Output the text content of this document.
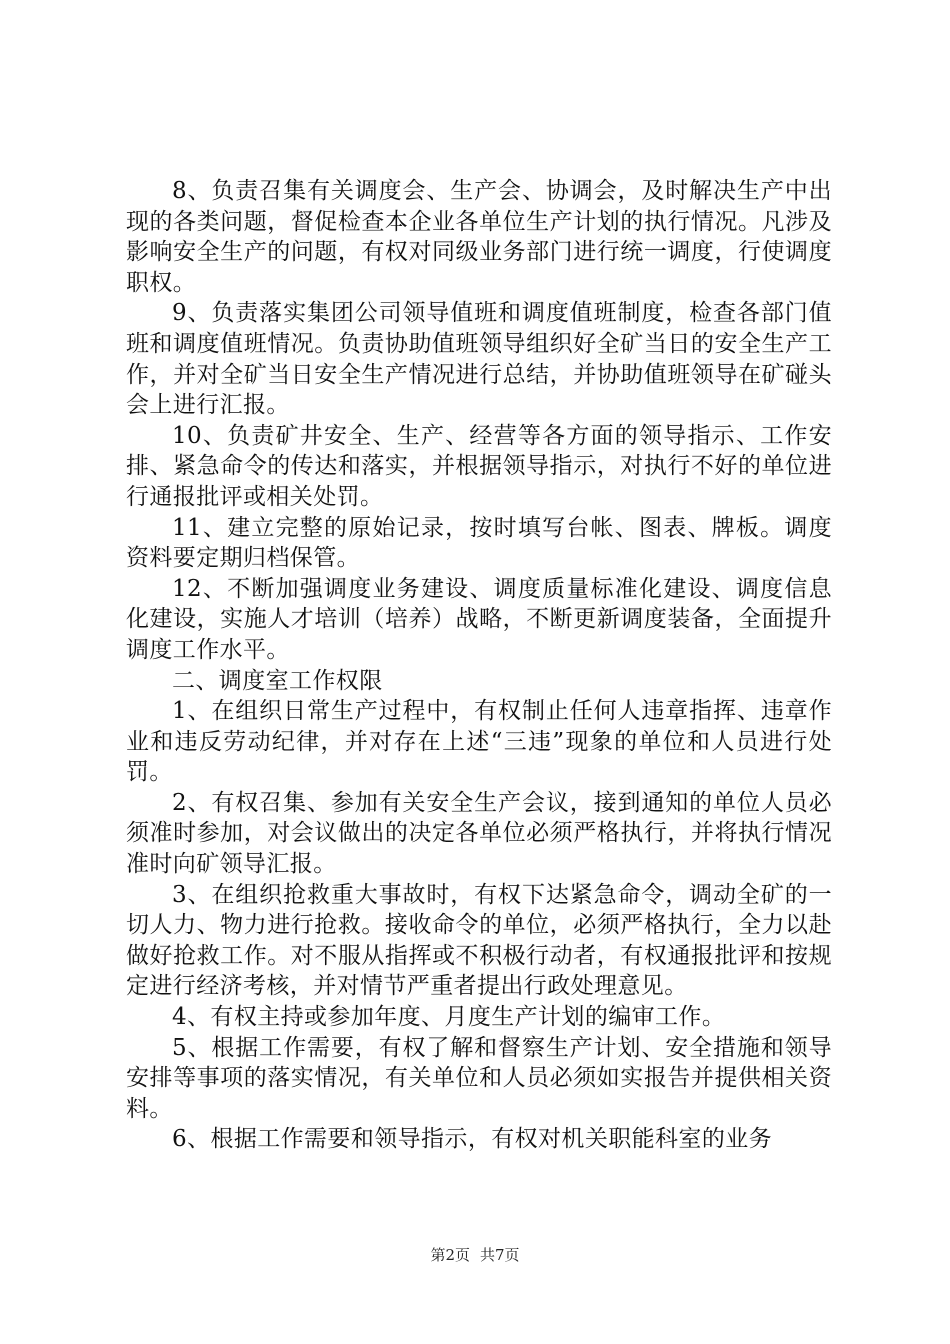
8、负责召集有关调度会、生产会、协调会，及时解决生产中出现的各类问题，督促检查本企业各单位生产计划的执行情况。凡涉及影响安全生产的问题，有权对同级业务部门进行统一调度，行使调度职权。

9、负责落实集团公司领导值班和调度值班制度，检查各部门值班和调度值班情况。负责协助值班领导组织好全矿当日的安全生产工作，并对全矿当日安全生产情况进行总结，并协助值班领导在矿碰头会上进行汇报。

10、负责矿井安全、生产、经营等各方面的领导指示、工作安排、紧急命令的传达和落实，并根据领导指示，对执行不好的单位进行通报批评或相关处罚。

11、建立完整的原始记录，按时填写台帐、图表、牌板。调度资料要定期归档保管。

12、不断加强调度业务建设、调度质量标准化建设、调度信息化建设，实施人才培训（培养）战略，不断更新调度装备，全面提升调度工作水平。

二、调度室工作权限

1、在组织日常生产过程中，有权制止任何人违章指挥、违章作业和违反劳动纪律，并对存在上述“三违”现象的单位和人员进行处罚。

2、有权召集、参加有关安全生产会议，接到通知的单位人员必须准时参加，对会议做出的决定各单位必须严格执行，并将执行情况准时向矿领导汇报。

3、在组织抢救重大事故时，有权下达紧急命令，调动全矿的一切人力、物力进行抢救。接收命令的单位，必须严格执行，全力以赴做好抢救工作。对不服从指挥或不积极行动者，有权通报批评和按规定进行经济考核，并对情节严重者提出行政处理意见。

4、有权主持或参加年度、月度生产计划的编审工作。

5、根据工作需要，有权了解和督察生产计划、安全措施和领导安排等事项的落实情况，有关单位和人员必须如实报告并提供相关资料。

6、根据工作需要和领导指示，有权对机关职能科室的业务

第2页 共7页
